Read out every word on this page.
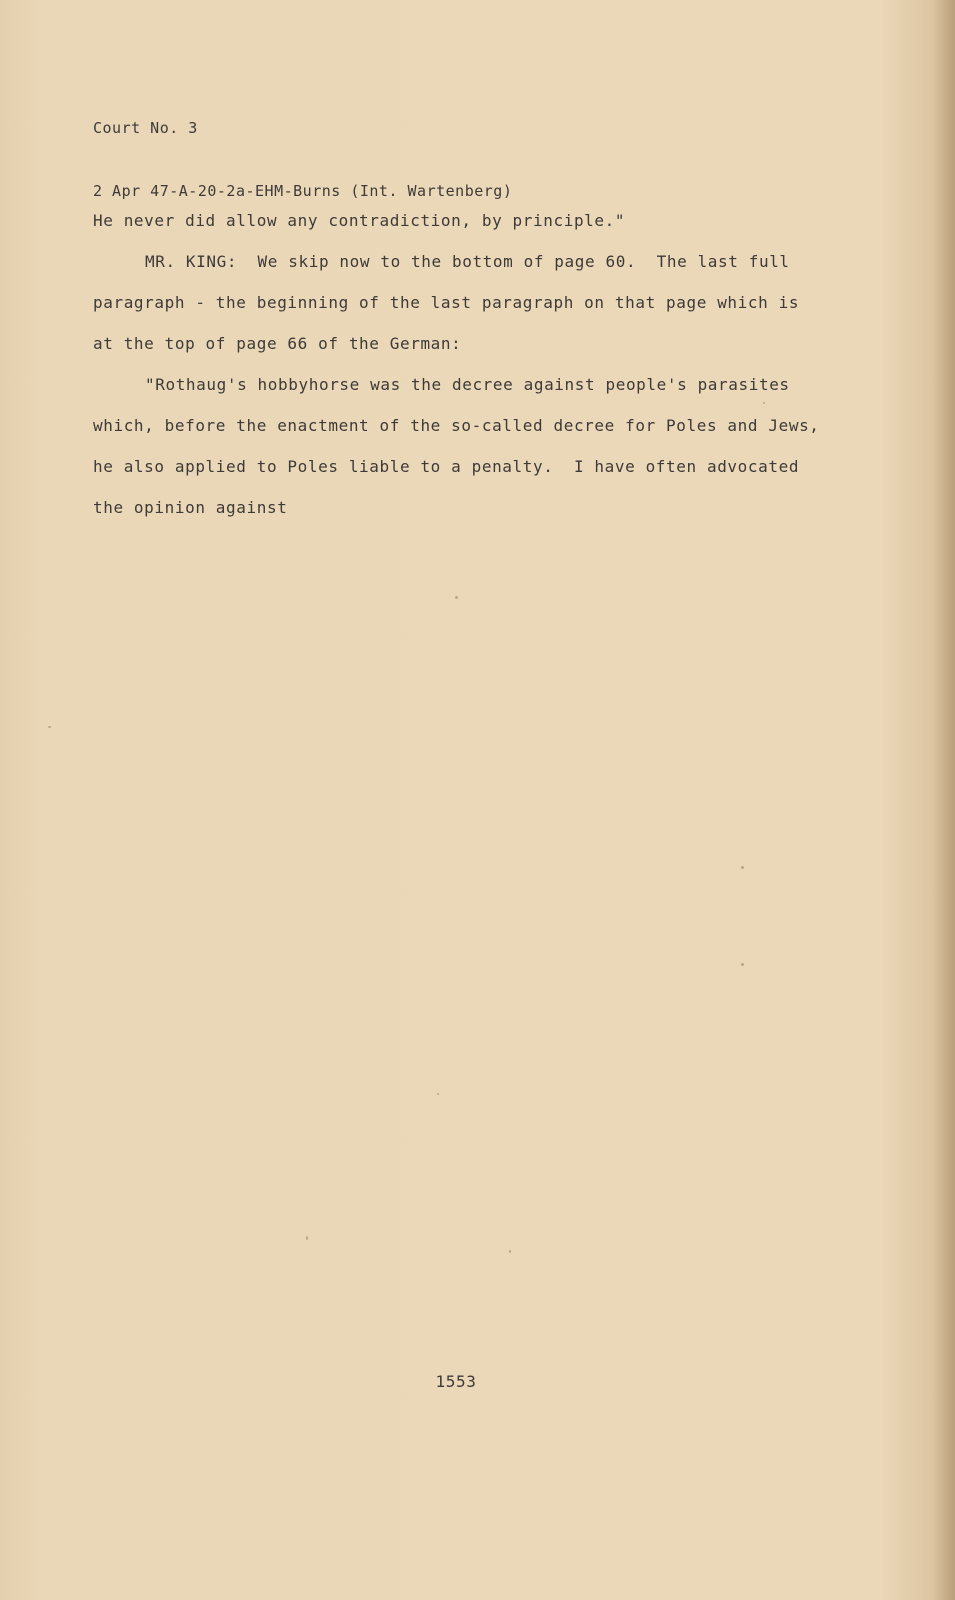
Court No. 3

2 Apr 47-A-20-2a-EHM-Burns (Int. Wartenberg)

He never did allow any contradiction, by principle."
MR. KING:  We skip now to the bottom of page 60.  The last full
paragraph - the beginning of the last paragraph on that page which is
at the top of page 66 of the German:
"Rothaug's hobbyhorse was the decree against people's parasites
which, before the enactment of the so-called decree for Poles and Jews,
he also applied to Poles liable to a penalty.  I have often advocated
the opinion against
1553
